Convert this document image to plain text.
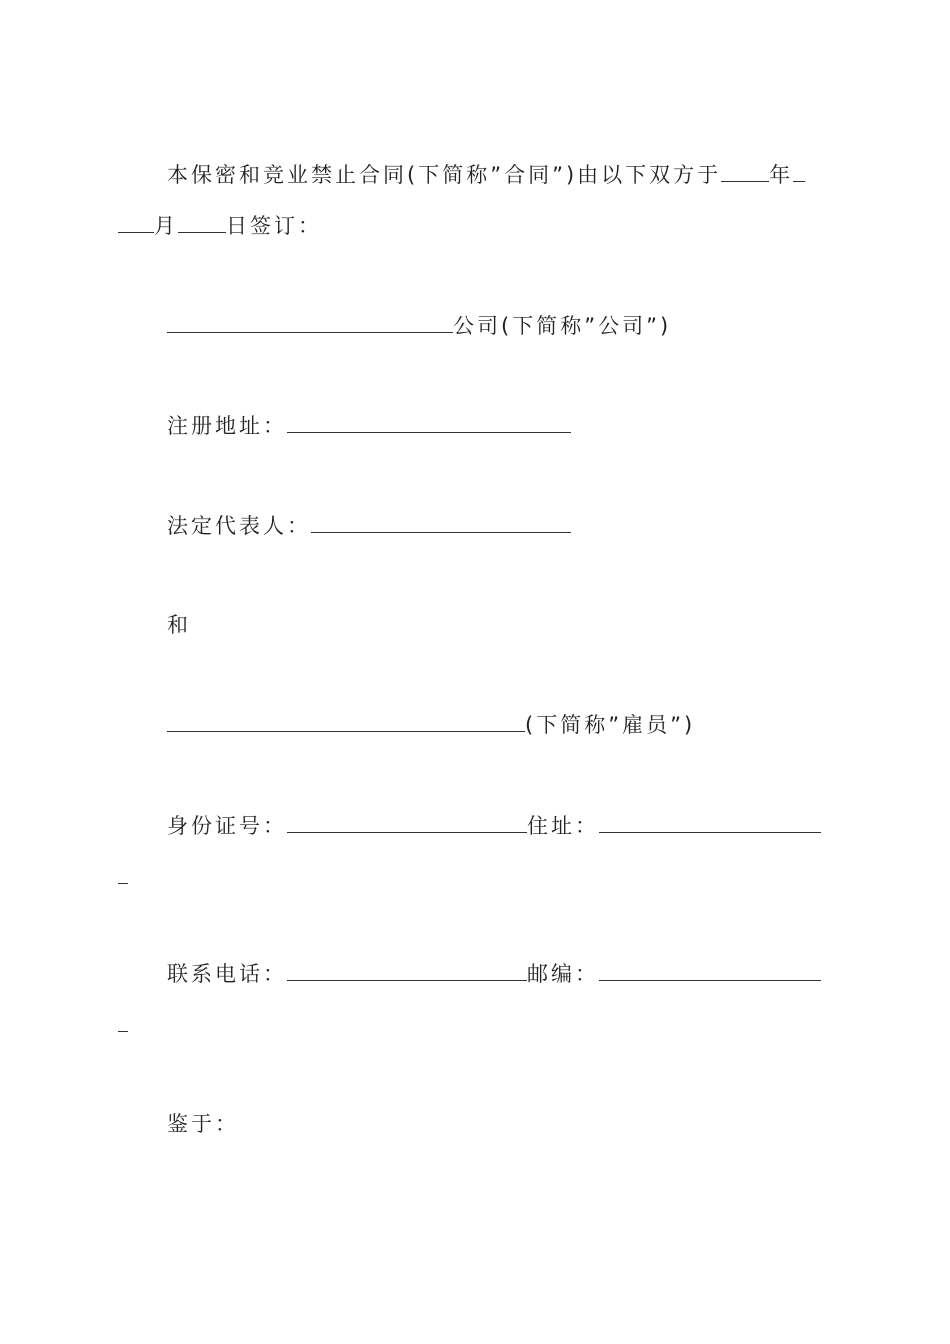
本保密和竞业禁止合同(下简称”合同”)由以下双方于 年
月 日签订：
公司(下简称”公司”)
注册地址：
法定代表人：
和
(下简称”雇员”)
身份证号：	住址：
联系电话：	邮编：
鉴于：
